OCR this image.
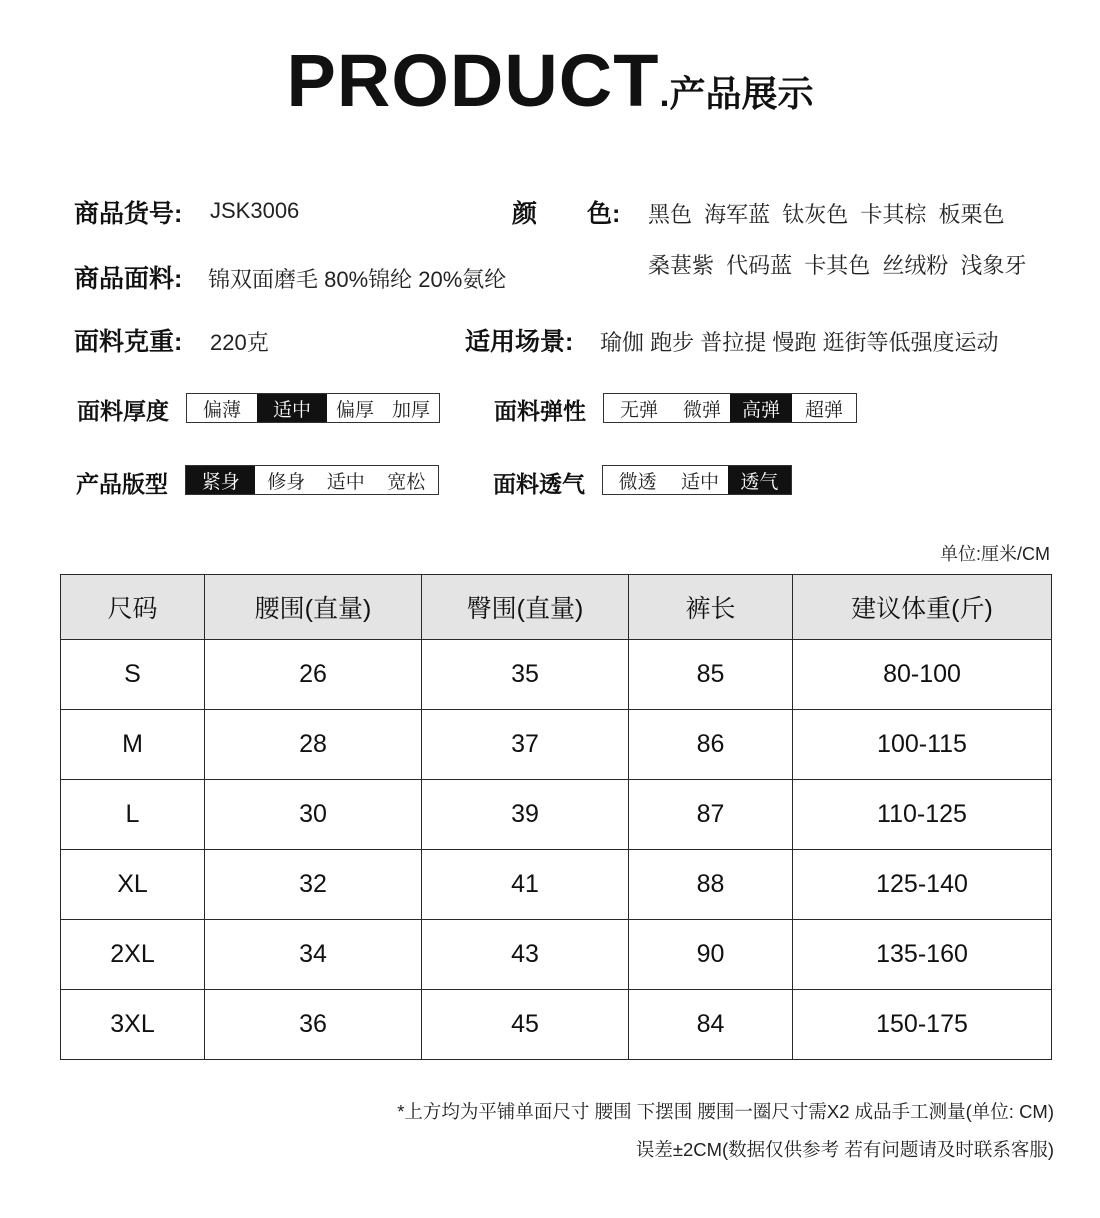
PRODUCT.产品展示
商品货号: JSK3006	颜　　色: 黑色 海军蓝 钛灰色 卡其棕 板栗色
桑葚紫 代码蓝 卡其色 丝绒粉 浅象牙
商品面料: 锦双面磨毛 80%锦纶 20%氨纶
面料克重: 220克	适用场景: 瑜伽 跑步 普拉提 慢跑 逛街等低强度运动
面料厚度	偏薄	适中	偏厚 加厚	面料弹性	无弹	微弹	高弹	超弹
产品版型	紧身	修身	适中	宽松	面料透气	微透	适中	透气
单位:厘米/CM
尺码	腰围(直量)	臀围(直量)	裤长	建议体重(斤)
S	26	35	85	80-100
M	28	37	86	100-115
L	30	39	87	110-125
XL	32	41	88	125-140
2XL	34	43	90	135-160
3XL	36	45	84	150-175
*上方均为平铺单面尺寸 腰围 下摆围 腰围一圈尺寸需X2 成品手工测量(单位: CM)
误差±2CM(数据仅供参考 若有问题请及时联系客服)
